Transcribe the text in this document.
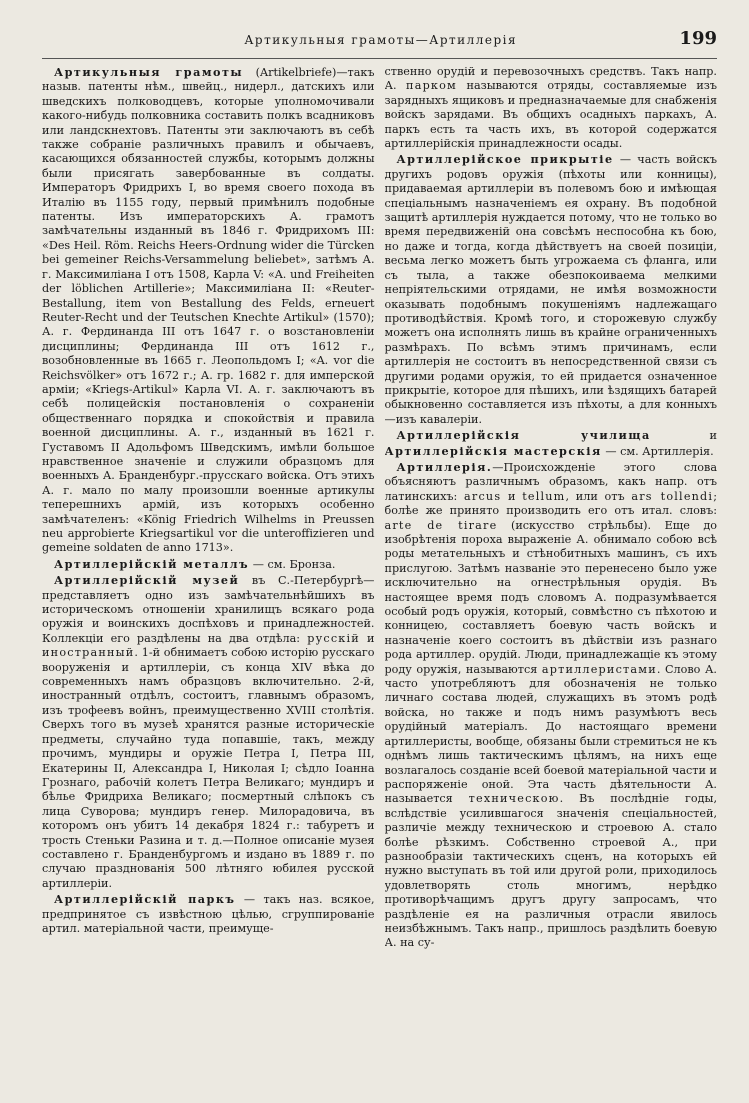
Артикульныя грамоты—Артиллерія	199

Артикульныя грамоты (Artikelbriefe)—такъ назыв. патенты нѣм., швейц., нидерл., датскихъ или шведскихъ полководцевъ, которые уполномочивали какого-нибудь полковника составить полкъ всадниковъ или ландскнехтовъ. Патенты эти заключаютъ въ себѣ также собраніе различныхъ правилъ и обычаевъ, касающихся обязанностей службы, которымъ должны были присягать завербованные въ солдаты. Императоръ Фридрихъ I, во время своего похода въ Италію въ 1155 году, первый примѣнилъ подобные патенты. Изъ императорскихъ А. грамотъ замѣчательны изданный въ 1846 г. Фридрихомъ III: «Des Heil. Röm. Reichs Heers-Ordnung wider die Türcken bei gemeiner Reichs-Versammelung beliebet», затѣмъ А. г. Максимиліана I отъ 1508, Карла V: «A. und Freiheiten der löblichen Artillerie»; Максимиліана II: «Reuter-Bestallung, item von Bestallung des Felds, erneuert Reuter-Recht und der Teutschen Knechte Artikul» (1570); А. г. Фердинанда III отъ 1647 г. о возстановленіи дисциплины; Фердинанда III отъ 1612 г., возобновленные въ 1665 г. Леопольдомъ I; «A. vor die Reichsvölker» отъ 1672 г.; А. гр. 1682 г. для имперской арміи; «Kriegs-Artikul» Карла VI. А. г. заключаютъ въ себѣ полицейскія постановленія о сохраненіи общественнаго порядка и спокойствія и правила военной дисциплины. А. г., изданный въ 1621 г. Густавомъ II Адольфомъ Шведскимъ, имѣли большое нравственное значеніе и служили образцомъ для военныхъ А. Бранденбург.-прусскаго войска. Отъ этихъ А. г. мало по малу произошли военные артикулы теперешнихъ армій, изъ которыхъ особенно замѣчателенъ: «König Friedrich Wilhelms in Preussen neu approbierte Kriegsartikul vor die unteroffizieren und gemeine soldaten de anno 1713».

Артиллерійскій металлъ — см. Бронза.

Артиллерійскій музей въ С.-Петербургѣ—представляетъ одно изъ замѣчательнѣйшихъ въ историческомъ отношеніи хранилищъ всякаго рода оружія и воинскихъ доспѣховъ и принадлежностей. Коллекціи его раздѣлены на два отдѣла: русскій и иностранный. 1-й обнимаетъ собою исторію русскаго вооруженія и артиллеріи, съ конца XIV вѣка до современныхъ намъ образцовъ включительно. 2-й, иностранный отдѣлъ, состоитъ, главнымъ образомъ, изъ трофеевъ войнъ, преимущественно XVIII столѣтія. Сверхъ того въ музеѣ хранятся разные историческіе предметы, случайно туда попавшіе, такъ, между прочимъ, мундиры и оружіе Петра I, Петра III, Екатерины II, Александра I, Николая I; сѣдло Іоанна Грознаго, рабочій колетъ Петра Великаго; мундиръ и бѣлье Фридриха Великаго; посмертный слѣпокъ съ лица Суворова; мундиръ генер. Милорадовича, въ которомъ онъ убитъ 14 декабря 1824 г.: табуретъ и трость Стеньки Разина и т. д.—Полное описаніе музея составлено г. Бранденбургомъ и издано въ 1889 г. по случаю празднованія 500 лѣтняго юбилея русской артиллеріи.

Артиллерійскій паркъ — такъ наз. всякое, предпринятое съ извѣстною цѣлью, сгруппированіе артил. матеріальной части, преимуще-

ственно орудій и перевозочныхъ средствъ. Такъ напр. А. парком называются отряды, составляемые изъ зарядныхъ ящиковъ и предназначаемые для снабженія войскъ зарядами. Въ общихъ осадныхъ паркахъ, А. паркъ есть та часть ихъ, въ которой содержатся артиллерійскія принадлежности осады.

Артиллерійское прикрытіе — часть войскъ другихъ родовъ оружія (пѣхоты или конницы), придаваемая артиллеріи въ полевомъ бою и имѣющая спеціальнымъ назначеніемъ ея охрану. Въ подобной защитѣ артиллерія нуждается потому, что не только во время передвиженій она совсѣмъ неспособна къ бою, но даже и тогда, когда дѣйствуетъ на своей позиціи, весьма легко можетъ быть угрожаема съ фланга, или съ тыла, а также обезпокоиваема мелкими непріятельскими отрядами, не имѣя возможности оказывать подобнымъ покушеніямъ надлежащаго противодѣйствія. Кромѣ того, и сторожевую службу можетъ она исполнять лишь въ крайне ограниченныхъ размѣрахъ. По всѣмъ этимъ причинамъ, если артиллерія не состоитъ въ непосредственной связи съ другими родами оружія, то ей придается означенное прикрытіе, которое для пѣшихъ, или ѣздящихъ батарей обыкновенно составляется изъ пѣхоты, а для конныхъ—изъ кавалеріи.

Артиллерійскія училища и Артиллерійскія мастерскія — см. Артиллерія.

Артиллерія.—Происхожденіе этого слова объясняютъ различнымъ образомъ, какъ напр. отъ латинскихъ: arcus и tellum, или отъ ars tollendi; болѣе же принято производить его отъ итал. словъ: arte de tirare (искусство стрѣльбы). Еще до изобрѣтенія пороха выраженіе А. обнимало собою всѣ роды метательныхъ и стѣнобитныхъ машинъ, съ ихъ прислугою. Затѣмъ названіе это перенесено было уже исключительно на огнестрѣльныя орудія. Въ настоящее время подъ словомъ А. подразумѣвается особый родъ оружія, который, совмѣстно съ пѣхотою и конницею, составляетъ боевую часть войскъ и назначеніе коего состоитъ въ дѣйствіи изъ разнаго рода артиллер. орудій. Люди, принадлежащіе къ этому роду оружія, называются артиллеристами. Слово А. часто употребляютъ для обозначенія не только личнаго состава людей, служащихъ въ этомъ родѣ войска, но также и подъ нимъ разумѣютъ весь орудійный матеріалъ. До настоящаго времени артиллеристы, вообще, обязаны были стремиться не къ однѣмъ лишь тактическимъ цѣлямъ, на нихъ еще возлагалось созданіе всей боевой матеріальной части и распоряженіе оной. Эта часть дѣятельности А. называется техническою. Въ послѣдніе годы, вслѣдствіе усилившагося значенія спеціальностей, различіе между техническою и строевою А. стало болѣе рѣзкимъ. Собственно строевой А., при разнообразіи тактическихъ сценъ, на которыхъ ей нужно выступать въ той или другой роли, приходилось удовлетворять столь многимъ, нерѣдко противорѣчащимъ другъ другу запросамъ, что раздѣленіе ея на различныя отрасли явилось неизбѣжнымъ. Такъ напр., пришлось раздѣлить боевую А. на су-
